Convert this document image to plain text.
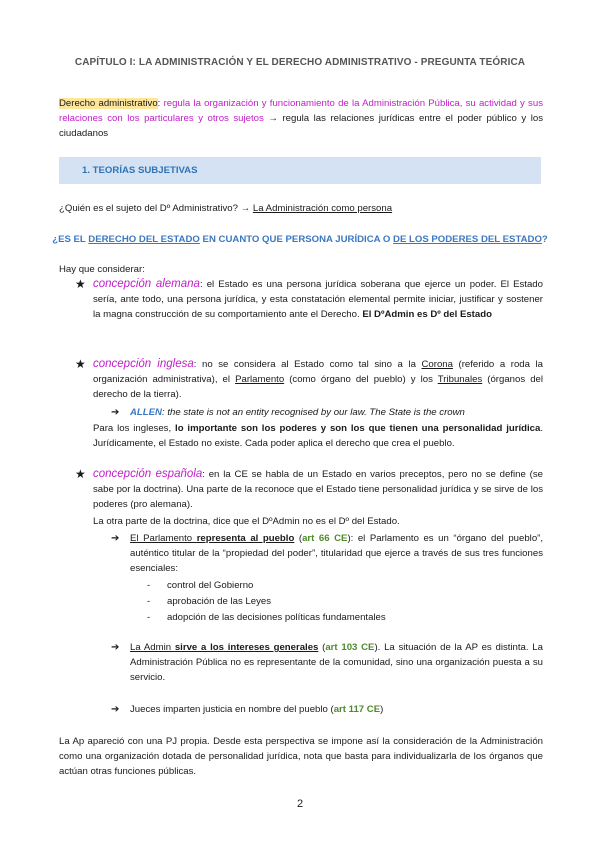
CAPÍTULO I: LA ADMINISTRACIÓN Y EL DERECHO ADMINISTRATIVO - PREGUNTA TEÓRICA
Derecho administrativo: regula la organización y funcionamiento de la Administración Pública, su actividad y sus relaciones con los particulares y otros sujetos → regula las relaciones jurídicas entre el poder público y los ciudadanos
1. TEORÍAS SUBJETIVAS
¿Quién es el sujeto del Dº Administrativo? → La Administración como persona
¿ES EL DERECHO DEL ESTADO EN CUANTO QUE PERSONA JURÍDICA O DE LOS PODERES DEL ESTADO?
Hay que considerar:
★ concepción alemana: el Estado es una persona jurídica soberana que ejerce un poder. El Estado sería, ante todo, una persona jurídica, y esta constatación elemental permite iniciar, justificar y sostener la magna construcción de su comportamiento ante el Derecho. El DºAdmin es Dº del Estado
★ concepción inglesa: no se considera al Estado como tal sino a la Corona (referido a roda la organización administrativa), el Parlamento (como órgano del pueblo) y los Tribunales (órganos del derecho de la tierra).
➔ ALLEN: the state is not an entity recognised by our law. The State is the crown
Para los ingleses, lo importante son los poderes y son los que tienen una personalidad jurídica. Jurídicamente, el Estado no existe. Cada poder aplica el derecho que crea el pueblo.
★ concepción española: en la CE se habla de un Estado en varios preceptos, pero no se define (se sabe por la doctrina). Una parte de la reconoce que el Estado tiene personalidad jurídica y se sirve de los poderes (pro alemana).
La otra parte de la doctrina, dice que el DºAdmin no es el Dº del Estado.
➔ El Parlamento representa al pueblo (art 66 CE): el Parlamento es un “órgano del pueblo”, auténtico titular de la “propiedad del poder”, titularidad que ejerce a través de sus tres funciones esenciales:
- control del Gobierno
- aprobación de las Leyes
- adopción de las decisiones políticas fundamentales
➔ La Admin sirve a los intereses generales (art 103 CE). La situación de la AP es distinta. La Administración Pública no es representante de la comunidad, sino una organización puesta a su servicio.
➔ Jueces imparten justicia en nombre del pueblo (art 117 CE)
La Ap apareció con una PJ propia. Desde esta perspectiva se impone así la consideración de la Administración como una organización dotada de personalidad jurídica, nota que basta para individualizarla de los órganos que actúan otras funciones públicas.
2
